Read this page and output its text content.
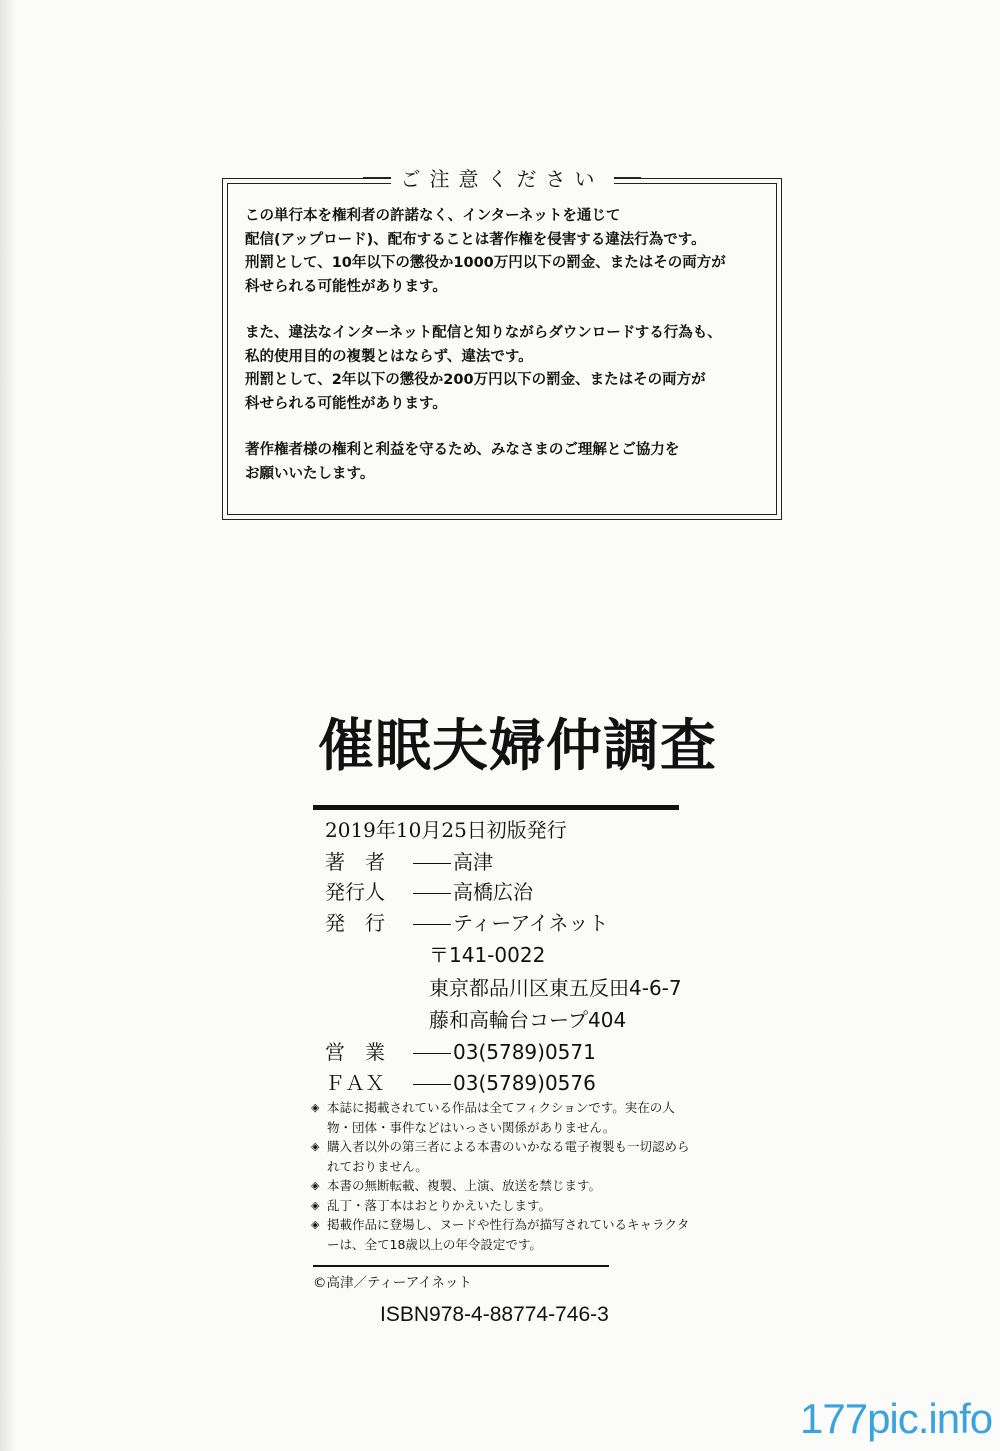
ご注意ください

この単行本を権利者の許諾なく、インターネットを通じて
配信(アップロード)、配布することは著作権を侵害する違法行為です。
刑罰として、10年以下の懲役か1000万円以下の罰金、またはその両方が
科せられる可能性があります。

また、違法なインターネット配信と知りながらダウンロードする行為も、
私的使用目的の複製とはならず、違法です。
刑罰として、2年以下の懲役か200万円以下の罰金、またはその両方が
科せられる可能性があります。

著作権者様の権利と利益を守るため、みなさまのご理解とご協力を
お願いいたします。

催眠夫婦仲調査
2019年10月25日初版発行
著　者	高津
発行人	高橋広治
発　行	ティーアイネット
〒141-0022
東京都品川区東五反田4-6-7
藤和高輪台コープ404
営　業	03(5789)0571
ＦＡＸ	03(5789)0576
◈ 本誌に掲載されている作品は全てフィクションです。実在の人物・団体・事件などはいっさい関係がありません。
◈ 購入者以外の第三者による本書のいかなる電子複製も一切認められておりません。
◈ 本書の無断転載、複製、上演、放送を禁じます。
◈ 乱丁・落丁本はおとりかえいたします。
◈ 掲載作品に登場し、ヌードや性行為が描写されているキャラクターは、全て18歳以上の年令設定です。
©高津／ティーアイネット
ISBN978-4-88774-746-3
177pic.info
